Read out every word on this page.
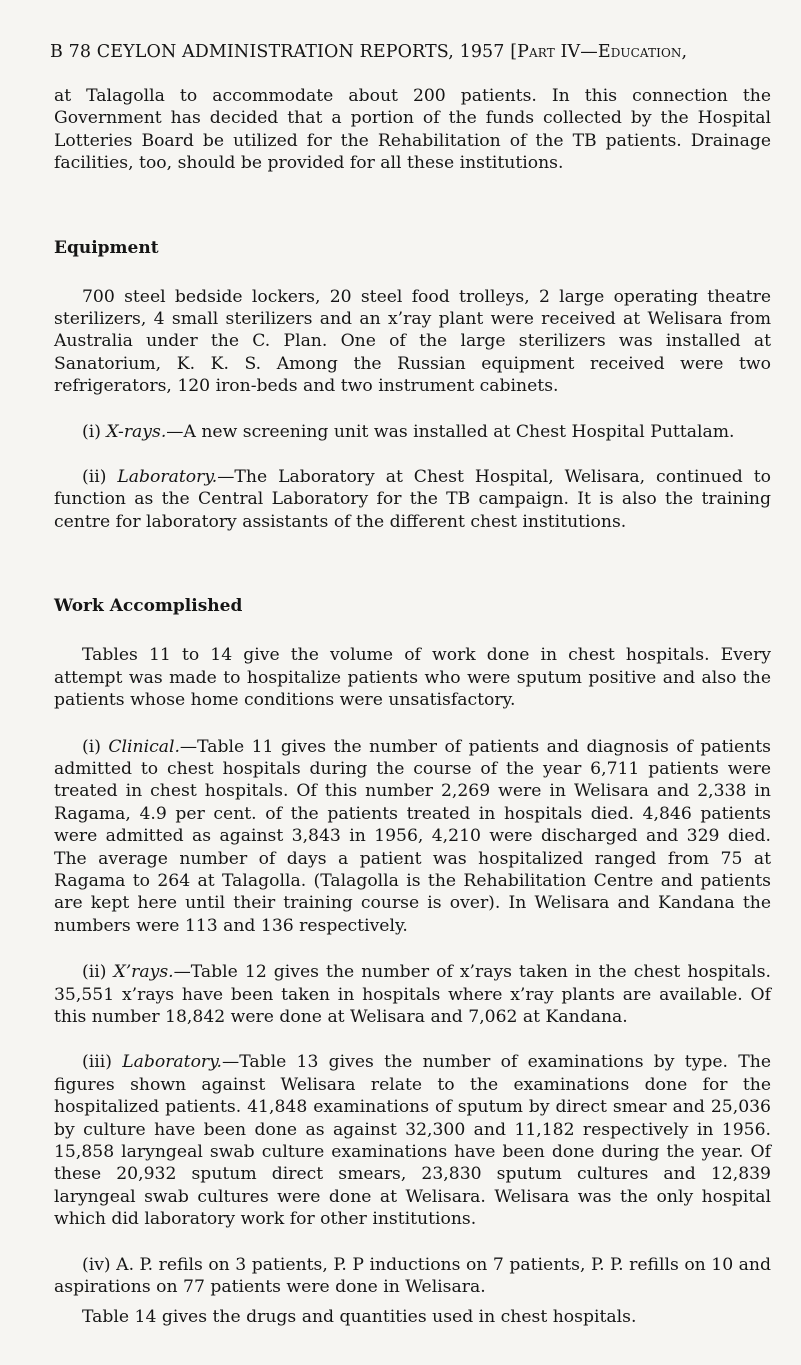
B 78 CEYLON ADMINISTRATION REPORTS, 1957 [Part IV—Education,

at Talagolla to accommodate about 200 patients. In this connection the Government has decided that a portion of the funds collected by the Hospital Lotteries Board be utilized for the Rehabilitation of the TB patients. Drainage facilities, too, should be provided for all these institutions.

Equipment

700 steel bedside lockers, 20 steel food trolleys, 2 large operating theatre sterilizers, 4 small sterilizers and an x’ray plant were received at Welisara from Australia under the C. Plan. One of the large sterilizers was installed at Sanatorium, K. K. S. Among the Russian equipment received were two refrigerators, 120 iron-beds and two instrument cabinets.

(i) X-rays.—A new screening unit was installed at Chest Hospital Puttalam.

(ii) Laboratory.—The Laboratory at Chest Hospital, Welisara, continued to function as the Central Laboratory for the TB campaign. It is also the training centre for laboratory assistants of the different chest institutions.

Work Accomplished

Tables 11 to 14 give the volume of work done in chest hospitals. Every attempt was made to hospitalize patients who were sputum positive and also the patients whose home conditions were unsatisfactory.

(i) Clinical.—Table 11 gives the number of patients and diagnosis of patients admitted to chest hospitals during the course of the year 6,711 patients were treated in chest hospitals. Of this number 2,269 were in Welisara and 2,338 in Ragama, 4.9 per cent. of the patients treated in hospitals died. 4,846 patients were admitted as against 3,843 in 1956, 4,210 were discharged and 329 died. The average number of days a patient was hospitalized ranged from 75 at Ragama to 264 at Talagolla. (Talagolla is the Rehabilitation Centre and patients are kept here until their training course is over). In Welisara and Kandana the numbers were 113 and 136 respectively.

(ii) X’rays.—Table 12 gives the number of x’rays taken in the chest hospitals. 35,551 x’rays have been taken in hospitals where x’ray plants are available. Of this number 18,842 were done at Welisara and 7,062 at Kandana.

(iii) Laboratory.—Table 13 gives the number of examinations by type. The figures shown against Welisara relate to the examinations done for the hospitalized patients. 41,848 examinations of sputum by direct smear and 25,036 by culture have been done as against 32,300 and 11,182 respectively in 1956. 15,858 laryngeal swab culture examinations have been done during the year. Of these 20,932 sputum direct smears, 23,830 sputum cultures and 12,839 laryngeal swab cultures were done at Welisara. Welisara was the only hospital which did laboratory work for other institutions.

(iv) A. P. refils on 3 patients, P. P inductions on 7 patients, P. P. refills on 10 and aspirations on 77 patients were done in Welisara.

Table 14 gives the drugs and quantities used in chest hospitals.
